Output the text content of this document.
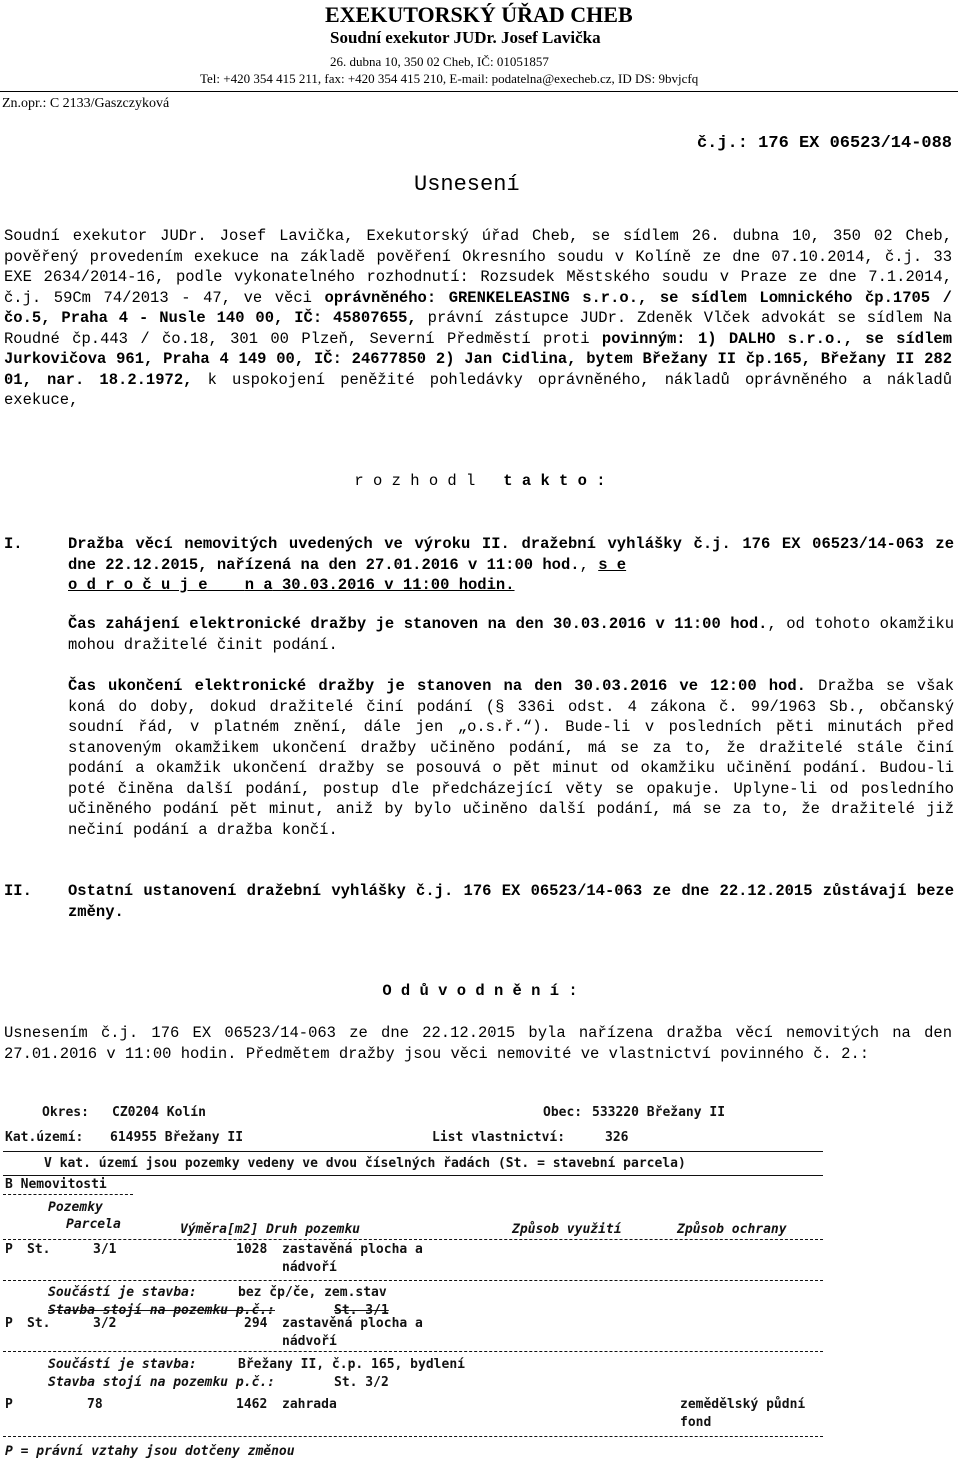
EXEKUTORSKÝ ÚŘAD CHEB
Soudní exekutor JUDr. Josef Lavička
26. dubna 10, 350 02 Cheb, IČ: 01051857
Tel: +420 354 415 211, fax: +420 354 415 210, E-mail: podatelna@execheb.cz, ID DS: 9bvjcfq
Zn.opr.: C 2133/Gaszczyková
č.j.: 176 EX 06523/14-088
Usnesení
Soudní exekutor JUDr. Josef Lavička, Exekutorský úřad Cheb, se sídlem 26. dubna 10, 350 02 Cheb, pověřený provedením exekuce na základě pověření Okresního soudu v Kolíně ze dne 07.10.2014, č.j. 33 EXE 2634/2014-16, podle vykonatelného rozhodnutí: Rozsudek Městského soudu v Praze ze dne 7.1.2014, č.j. 59Cm 74/2013 - 47, ve věci oprávněného: GRENKELEASING s.r.o., se sídlem Lomnického čp.1705 / čo.5, Praha 4 - Nusle 140 00, IČ: 45807655, právní zástupce JUDr. Zdeněk Vlček advokát se sídlem Na Roudné čp.443 / čo.18, 301 00 Plzeň, Severní Předměstí proti povinným: 1) DALHO s.r.o., se sídlem Jurkovičova 961, Praha 4 149 00, IČ: 24677850 2) Jan Cidlina, bytem Břežany II čp.165, Břežany II 282 01, nar. 18.2.1972, k uspokojení peněžité pohledávky oprávněného, nákladů oprávněného a nákladů exekuce,
r o z h o d l t a k t o :
I.	Dražba věcí nemovitých uvedených ve výroku II. dražební vyhlášky č.j. 176 EX 06523/14-063 ze dne 22.12.2015, nařízená na den 27.01.2016 v 11:00 hod., s e
o d r o č u j e n a 30.03.2016 v 11:00 hodin.
Čas zahájení elektronické dražby je stanoven na den 30.03.2016 v 11:00 hod., od tohoto okamžiku mohou dražitelé činit podání.
Čas ukončení elektronické dražby je stanoven na den 30.03.2016 ve 12:00 hod. Dražba se však koná do doby, dokud dražitelé činí podání (§ 336i odst. 4 zákona č. 99/1963 Sb., občanský soudní řád, v platném znění, dále jen „o.s.ř.“). Bude-li v posledních pěti minutách před stanoveným okamžikem ukončení dražby učiněno podání, má se za to, že dražitelé stále činí podání a okamžik ukončení dražby se posouvá o pět minut od okamžiku učinění podání. Budou-li poté činěna další podání, postup dle předcházející věty se opakuje. Uplyne-li od posledního učiněného podání pět minut, aniž by bylo učiněno další podání, má se za to, že dražitelé již nečiní podání a dražba končí.
II. Ostatní ustanovení dražební vyhlášky č.j. 176 EX 06523/14-063 ze dne 22.12.2015 zůstávají beze změny.
O d ů v o d n ě n í :
Usnesením č.j. 176 EX 06523/14-063 ze dne 22.12.2015 byla nařízena dražba věcí nemovitých na den 27.01.2016 v 11:00 hodin. Předmětem dražby jsou věci nemovité ve vlastnictví povinného č. 2.:
Okres: CZ0204 Kolín	Obec: 533220 Břežany II
Kat.území: 614955 Břežany II	List vlastnictví:	326
V kat. území jsou pozemky vedeny ve dvou číselných řadách (St. = stavební parcela)
B Nemovitosti
Pozemky
Parcela	Výměra[m2] Druh pozemku	Způsob využití	Způsob ochrany
P St.	3/1	1028 zastavěná plocha a
nádvoří
Součástí je stavba:	bez čp/če, zem.stav
Stavba stojí na pozemku p.č.:	St. 3/1
P St.	3/2	294 zastavěná plocha a
nádvoří
Součástí je stavba:	Břežany II, č.p. 165, bydlení
Stavba stojí na pozemku p.č.:	St. 3/2
P	78	1462 zahrada	zemědělský půdní
fond
P = právní vztahy jsou dotčeny změnou
